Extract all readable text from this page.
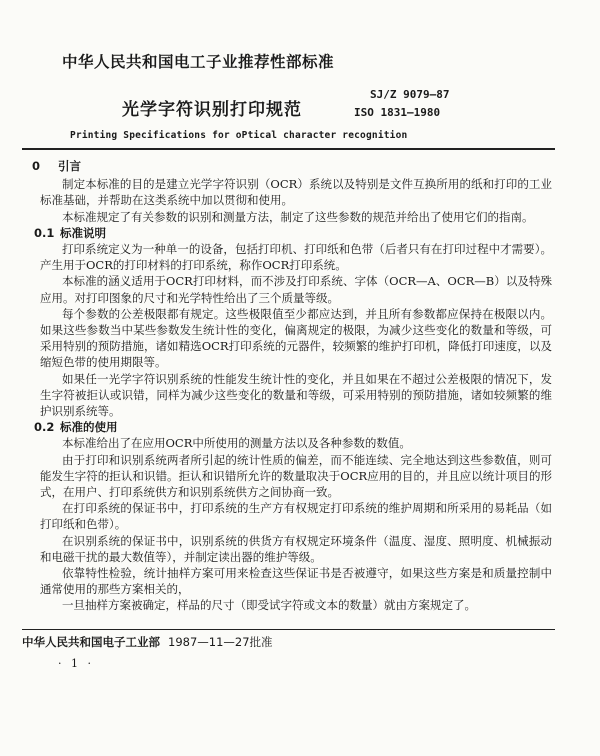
中华人民共和国电工子业推荐性部标准
SJ/Z 9079—87
光学字符识别打印规范	ISO 1831—1980
Printing Specifications for oPtical character recognition
0 引言

制定本标准的目的是建立光学字符识别（OCR）系统以及特别是文件互换所用的纸和打印的工业标准基础，并帮助在这类系统中加以贯彻和使用。

本标准规定了有关参数的识别和测量方法，制定了这些参数的规范并给出了使用它们的指南。

0.1 标准说明

打印系统定义为一种单一的设备，包括打印机、打印纸和色带（后者只有在打印过程中才需要）。产生用于OCR的打印材料的打印系统，称作OCR打印系统。

本标准的涵义适用于OCR打印材料，而不涉及打印系统、字体（OCR—A、OCR—B）以及特殊应用。对打印图象的尺寸和光学特性给出了三个质量等级。

每个参数的公差极限都有规定。这些极限值至少都应达到，并且所有参数都应保持在极限以内。如果这些参数当中某些参数发生统计性的变化，偏离规定的极限，为减少这些变化的数量和等级，可采用特别的预防措施，诸如精选OCR打印系统的元器件，较频繁的维护打印机，降低打印速度，以及缩短色带的使用期限等。

如果任一光学字符识别系统的性能发生统计性的变化，并且如果在不超过公差极限的情况下，发生字符被拒认或识错，同样为减少这些变化的数量和等级，可采用特别的预防措施，诸如较频繁的维护识别系统等。

0.2 标准的使用

本标准给出了在应用OCR中所使用的测量方法以及各种参数的数值。

由于打印和识别系统两者所引起的统计性质的偏差，而不能连续、完全地达到这些参数值，则可能发生字符的拒认和识错。拒认和识错所允许的数量取决于OCR应用的目的，并且应以统计项目的形式，在用户、打印系统供方和识别系统供方之间协商一致。

在打印系统的保证书中，打印系统的生产方有权规定打印系统的维护周期和所采用的易耗品（如打印纸和色带）。

在识别系统的保证书中，识别系统的供货方有权规定环境条件（温度、湿度、照明度、机械振动和电磁干扰的最大数值等），并制定读出器的维护等级。

依靠特性检验，统计抽样方案可用来检查这些保证书是否被遵守，如果这些方案是和质量控制中通常使用的那些方案相关的，

一旦抽样方案被确定，样品的尺寸（即受试字符或文本的数量）就由方案规定了。

中华人民共和国电子工业部 1987—11—27批准
· 1 ·
